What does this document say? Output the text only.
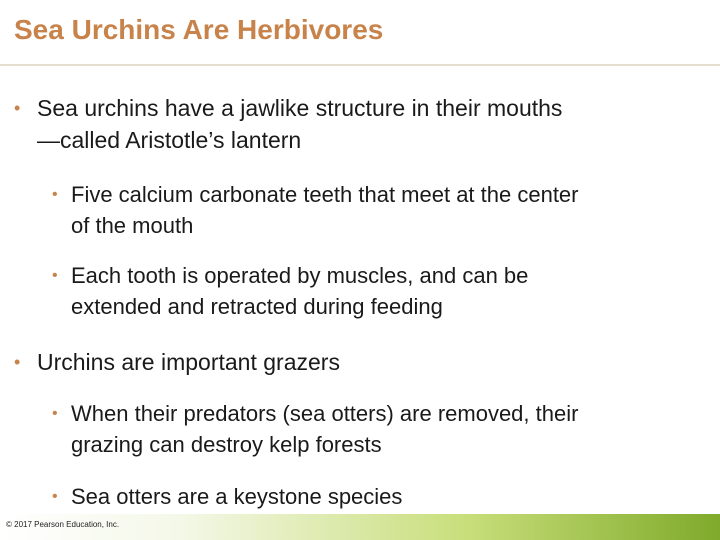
Sea Urchins Are Herbivores
• Sea urchins have a jawlike structure in their mouths
—called Aristotle’s lantern
• Five calcium carbonate teeth that meet at the center
of the mouth
• Each tooth is operated by muscles, and can be
extended and retracted during feeding
• Urchins are important grazers
• When their predators (sea otters) are removed, their
grazing can destroy kelp forests
• Sea otters are a keystone species
© 2017 Pearson Education, Inc.
